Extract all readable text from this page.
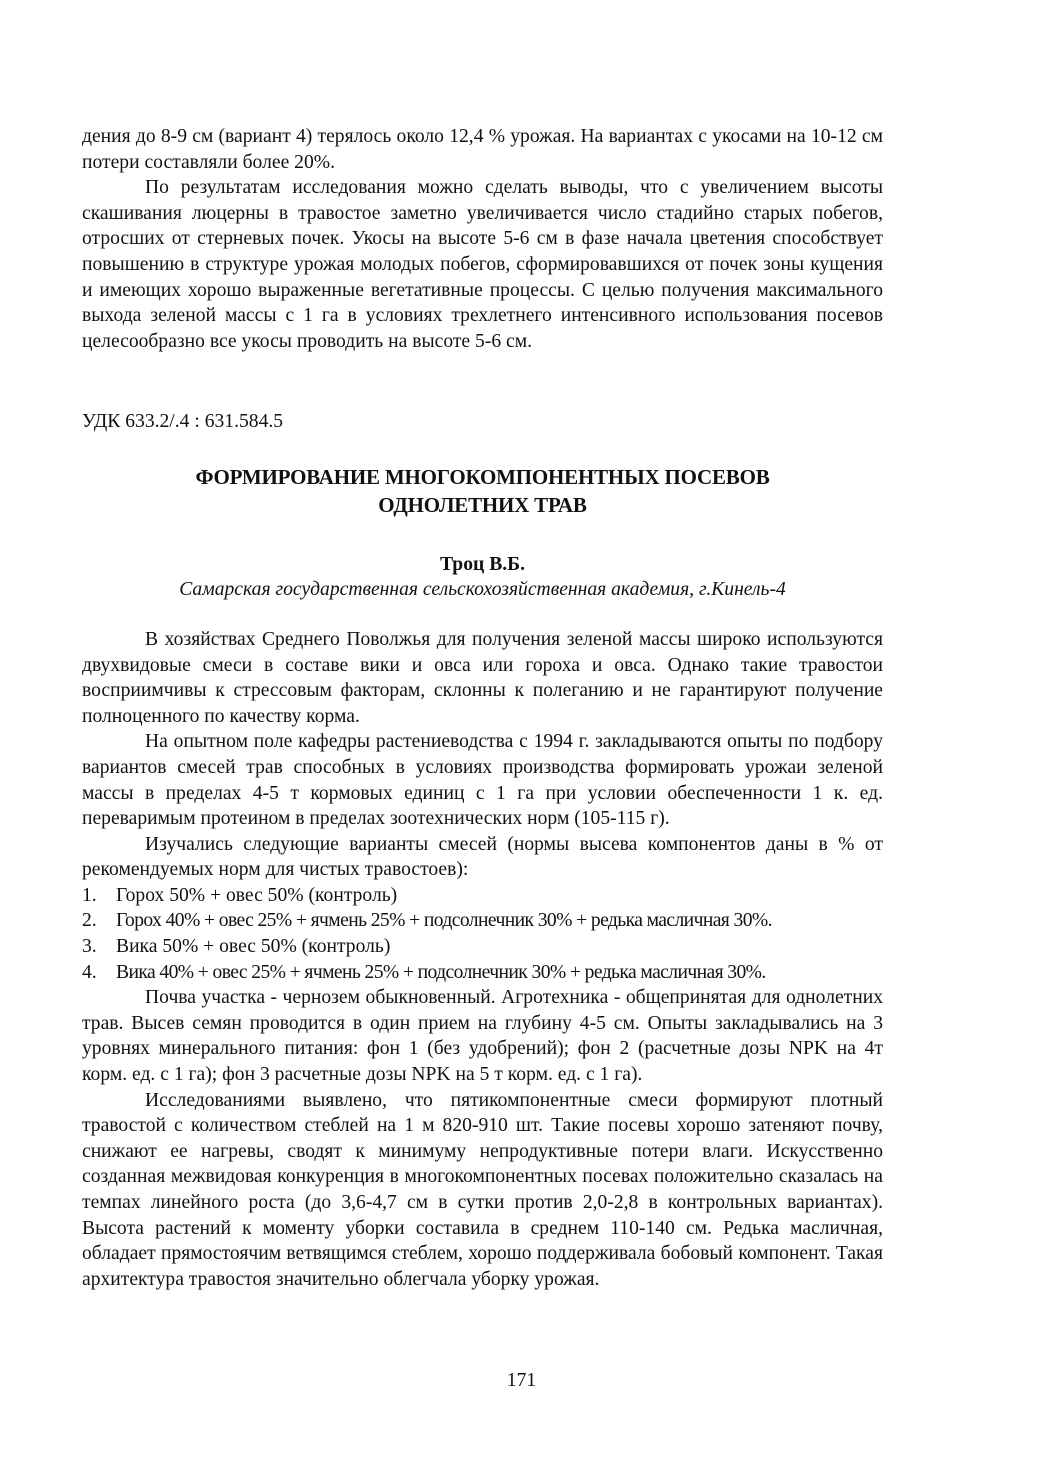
дения до 8-9 см (вариант 4) терялось около 12,4 % урожая. На вариантах с укосами на 10-12 см потери составляли более 20%.

По результатам исследования можно сделать выводы, что с увеличением высоты скашивания люцерны в травостое заметно увеличивается число стадийно старых побегов, отросших от стерневых почек. Укосы на высоте 5-6 см в фазе начала цветения способствует повышению в структуре урожая молодых побегов, сформировавшихся от почек зоны кущения и имеющих хорошо выраженные вегетативные процессы. С целью получения максимального выхода зеленой массы с 1 га в условиях трехлетнего интенсивного использования посевов целесообразно все укосы проводить на высоте 5-6 см.

УДК 633.2/.4 : 631.584.5

ФОРМИРОВАНИЕ МНОГОКОМПОНЕНТНЫХ ПОСЕВОВ
ОДНОЛЕТНИХ ТРАВ
Троц В.Б.
Самарская государственная сельскохозяйственная академия, г.Кинель-4

В хозяйствах Среднего Поволжья для получения зеленой массы широко используются двухвидовые смеси в составе вики и овса или гороха и овса. Однако такие травостои восприимчивы к стрессовым факторам, склонны к полеганию и не гарантируют получение полноценного по качеству корма.

На опытном поле кафедры растениеводства с 1994 г. закладываются опыты по подбору вариантов смесей трав способных в условиях производства формировать урожаи зеленой массы в пределах 4-5 т кормовых единиц с 1 га при условии обеспеченности 1 к. ед. переваримым протеином в пределах зоотехнических норм (105-115 г).

Изучались следующие варианты смесей (нормы высева компонентов даны в % от рекомендуемых норм для чистых травостоев):

1. Горох 50% + овес 50% (контроль)
2. Горох 40% + овес 25% + ячмень 25% + подсолнечник 30% + редька масличная 30%.
3. Вика 50% + овес 50% (контроль)
4. Вика 40% + овес 25% + ячмень 25% + подсолнечник 30% + редька масличная 30%.

Почва участка - чернозем обыкновенный. Агротехника - общепринятая для однолетних трав. Высев семян проводится в один прием на глубину 4-5 см. Опыты закладывались на 3 уровнях минерального питания: фон 1 (без удобрений); фон 2 (расчетные дозы NPK на 4т корм. ед. с 1 га); фон 3 расчетные дозы NPK на 5 т корм. ед. с 1 га).

Исследованиями выявлено, что пятикомпонентные смеси формируют плотный травостой с количеством стеблей на 1 м 820-910 шт. Такие посевы хорошо затеняют почву, снижают ее нагревы, сводят к минимуму непродуктивные потери влаги. Искусственно созданная межвидовая конкуренция в многокомпонентных посевах положительно сказалась на темпах линейного роста (до 3,6-4,7 см в сутки против 2,0-2,8 в контрольных вариантах). Высота растений к моменту уборки составила в среднем 110-140 см. Редька масличная, обладает прямостоячим ветвящимся стеблем, хорошо поддерживала бобовый компонент. Такая архитектура травостоя значительно облегчала уборку урожая.

171
